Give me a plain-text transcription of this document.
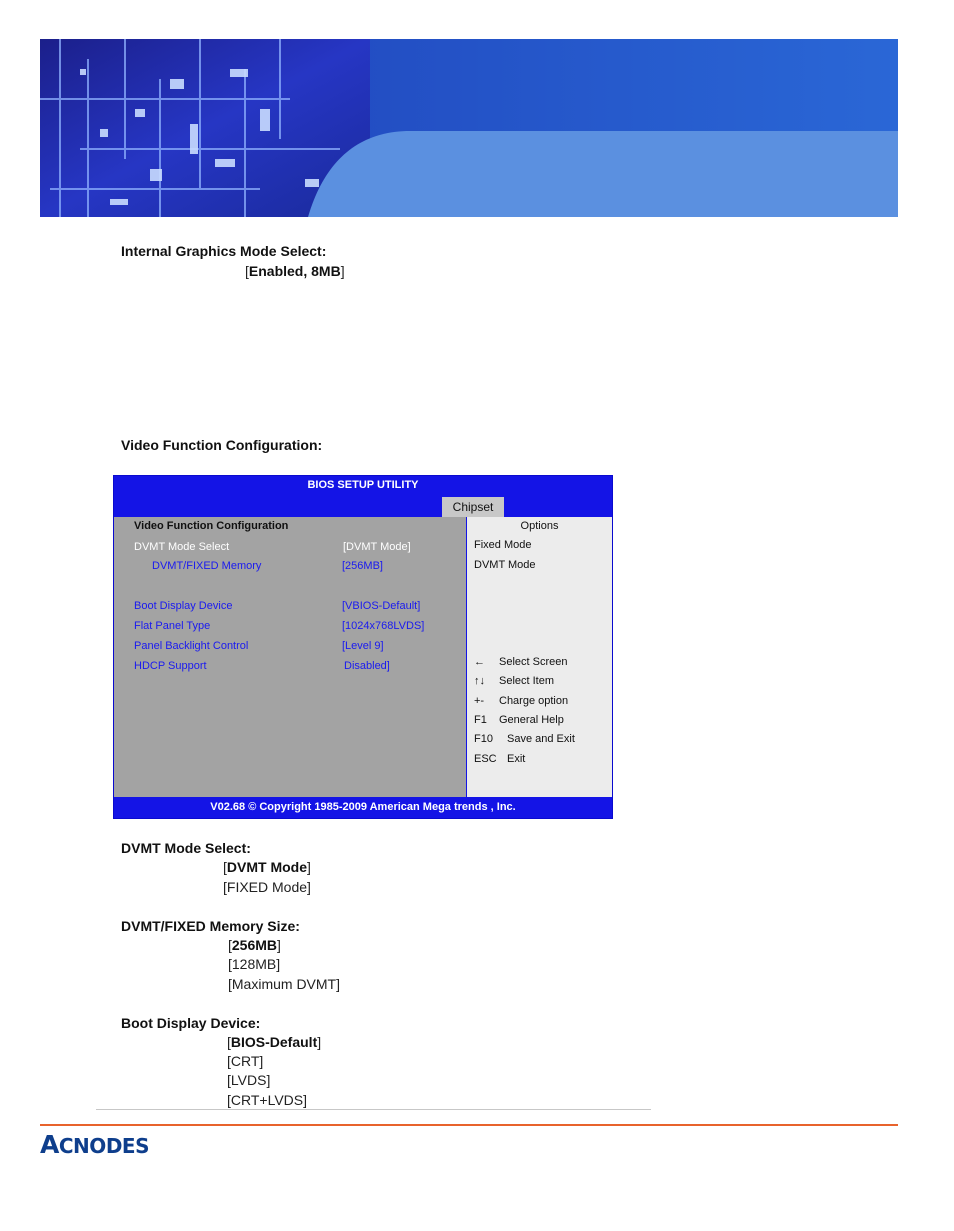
Internal Graphics Mode Select:
[Enabled, 8MB]
Video Function Configuration:
BIOS SETUP UTILITY
Chipset
Video Function Configuration
DVMT Mode Select	[DVMT Mode]
DVMT/FIXED Memory	[256MB]
Boot Display Device	[VBIOS-Default]
Flat Panel Type	[1024x768LVDS]
Panel Backlight Control	[Level 9]
HDCP Support	Disabled]
Options
Fixed Mode
DVMT Mode
← Select Screen
↑↓ Select Item
+- Charge option
F1 General Help
F10 Save and Exit
ESC Exit
V02.68 © Copyright 1985-2009 American Mega trends , Inc.
DVMT Mode Select:
[DVMT Mode]
[FIXED Mode]
DVMT/FIXED Memory Size:
[256MB]
[128MB]
[Maximum DVMT]
Boot Display Device:
[BIOS-Default]
[CRT]
[LVDS]
[CRT+LVDS]
ACNODES
